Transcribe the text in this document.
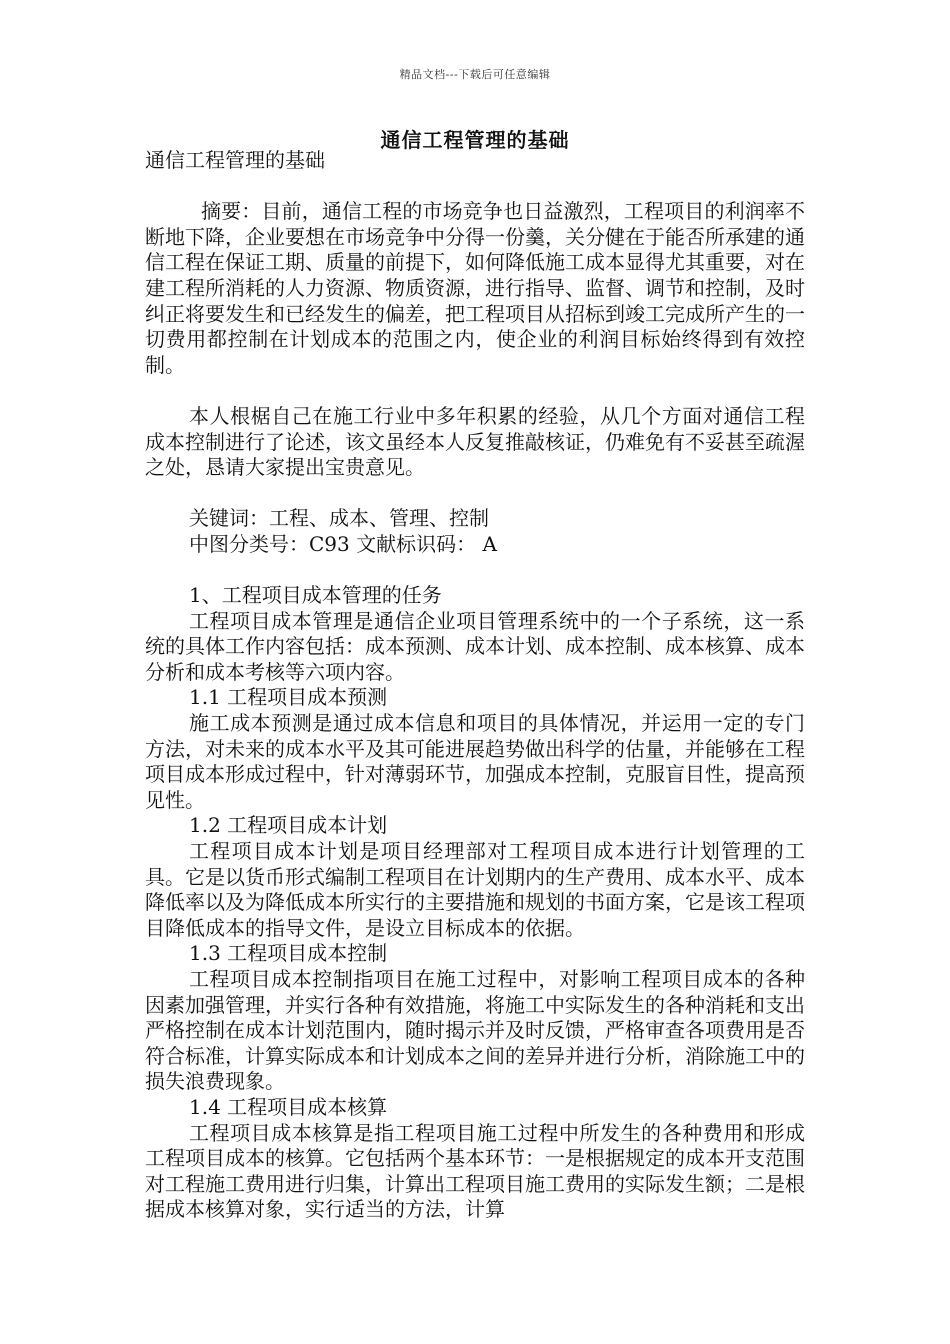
精品文档---下载后可任意编辑
通信工程管理的基础

通信工程管理的基础

摘要：目前，通信工程的市场竞争也日益激烈，工程项目的利润率不断地下降，企业要想在市场竞争中分得一份羹，关分健在于能否所承建的通信工程在保证工期、质量的前提下，如何降低施工成本显得尤其重要，对在建工程所消耗的人力资源、物质资源，进行指导、监督、调节和控制，及时纠正将要发生和已经发生的偏差，把工程项目从招标到竣工完成所产生的一切费用都控制在计划成本的范围之内，使企业的利润目标始终得到有效控制。

本人根椐自己在施工行业中多年积累的经验，从几个方面对通信工程成本控制进行了论述，该文虽经本人反复推敲核证，仍难免有不妥甚至疏渥之处，恳请大家提出宝贵意见。

关键词：工程、成本、管理、控制

中图分类号：C93 文献标识码： A

1、工程项目成本管理的任务

工程项目成本管理是通信企业项目管理系统中的一个子系统，这一系统的具体工作内容包括：成本预测、成本计划、成本控制、成本核算、成本分析和成本考核等六项内容。

1.1 工程项目成本预测

施工成本预测是通过成本信息和项目的具体情况，并运用一定的专门方法，对未来的成本水平及其可能进展趋势做出科学的估量，并能够在工程项目成本形成过程中，针对薄弱环节，加强成本控制，克服盲目性，提高预见性。

1.2 工程项目成本计划

工程项目成本计划是项目经理部对工程项目成本进行计划管理的工具。它是以货币形式编制工程项目在计划期内的生产费用、成本水平、成本降低率以及为降低成本所实行的主要措施和规划的书面方案，它是该工程项目降低成本的指导文件，是设立目标成本的依据。

1.3 工程项目成本控制

工程项目成本控制指项目在施工过程中，对影响工程项目成本的各种因素加强管理，并实行各种有效措施，将施工中实际发生的各种消耗和支出严格控制在成本计划范围内，随时揭示并及时反馈，严格审查各项费用是否符合标准，计算实际成本和计划成本之间的差异并进行分析，消除施工中的损失浪费现象。

1.4 工程项目成本核算

工程项目成本核算是指工程项目施工过程中所发生的各种费用和形成工程项目成本的核算。它包括两个基本环节：一是根据规定的成本开支范围对工程施工费用进行归集，计算出工程项目施工费用的实际发生额；二是根据成本核算对象，实行适当的方法，计算
